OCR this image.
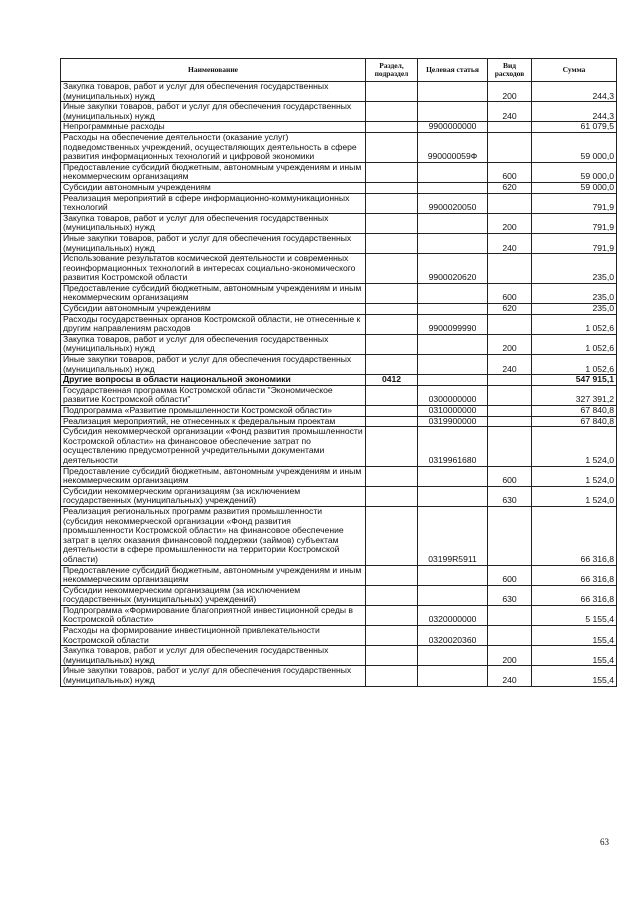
Наименование	Раздел, подраздел	Целевая статья	Вид расходов	Сумма
Закупка товаров, работ и услуг для обеспечения государственных (муниципальных) нужд			200	244,3
Иные закупки товаров, работ и услуг для обеспечения государственных (муниципальных) нужд			240	244,3
Непрограммные расходы		9900000000		61 079,5
Расходы на обеспечение деятельности (оказание услуг) подведомственных учреждений, осуществляющих деятельность в сфере развития информационных технологий и цифровой экономики		990000059Ф		59 000,0
Предоставление субсидий бюджетным, автономным учреждениям и иным некоммерческим организациям			600	59 000,0
Субсидии автономным учреждениям			620	59 000,0
Реализация мероприятий в сфере информационно-коммуникационных технологий		9900020050		791,9
Закупка товаров, работ и услуг для обеспечения государственных (муниципальных) нужд			200	791,9
Иные закупки товаров, работ и услуг для обеспечения государственных (муниципальных) нужд			240	791,9
Использование результатов космической деятельности и современных геоинформационных технологий в интересах социально-экономического развития Костромской области		9900020620		235,0
Предоставление субсидий бюджетным, автономным учреждениям и иным некоммерческим организациям			600	235,0
Субсидии автономным учреждениям			620	235,0
Расходы государственных органов Костромской области, не отнесенные к другим направлениям расходов		9900099990		1 052,6
Закупка товаров, работ и услуг для обеспечения государственных (муниципальных) нужд			200	1 052,6
Иные закупки товаров, работ и услуг для обеспечения государственных (муниципальных) нужд			240	1 052,6
Другие вопросы в области национальной экономики	0412			547 915,1
Государственная программа Костромской области "Экономическое развитие Костромской области"		0300000000		327 391,2
Подпрограмма «Развитие промышленности Костромской области»		0310000000		67 840,8
Реализация мероприятий, не отнесенных к федеральным проектам		0319900000		67 840,8
Субсидия некоммерческой организации «Фонд развития промышленности Костромской области» на финансовое обеспечение затрат по осуществлению предусмотренной учредительными документами деятельности		0319961680		1 524,0
Предоставление субсидий бюджетным, автономным учреждениям и иным некоммерческим организациям			600	1 524,0
Субсидии некоммерческим организациям (за исключением государственных (муниципальных) учреждений)			630	1 524,0
Реализация региональных программ развития промышленности (субсидия некоммерческой организации «Фонд развития промышленности Костромской области» на финансовое обеспечение затрат в целях оказания финансовой поддержки (займов) субъектам деятельности в сфере промышленности на территории Костромской области)		03199R5911		66 316,8
Предоставление субсидий бюджетным, автономным учреждениям и иным некоммерческим организациям			600	66 316,8
Субсидии некоммерческим организациям (за исключением государственных (муниципальных) учреждений)			630	66 316,8
Подпрограмма «Формирование благоприятной инвестиционной среды в Костромской области»		0320000000		5 155,4
Расходы на формирование инвестиционной привлекательности Костромской области		0320020360		155,4
Закупка товаров, работ и услуг для обеспечения государственных (муниципальных) нужд			200	155,4
Иные закупки товаров, работ и услуг для обеспечения государственных (муниципальных) нужд			240	155,4
63
